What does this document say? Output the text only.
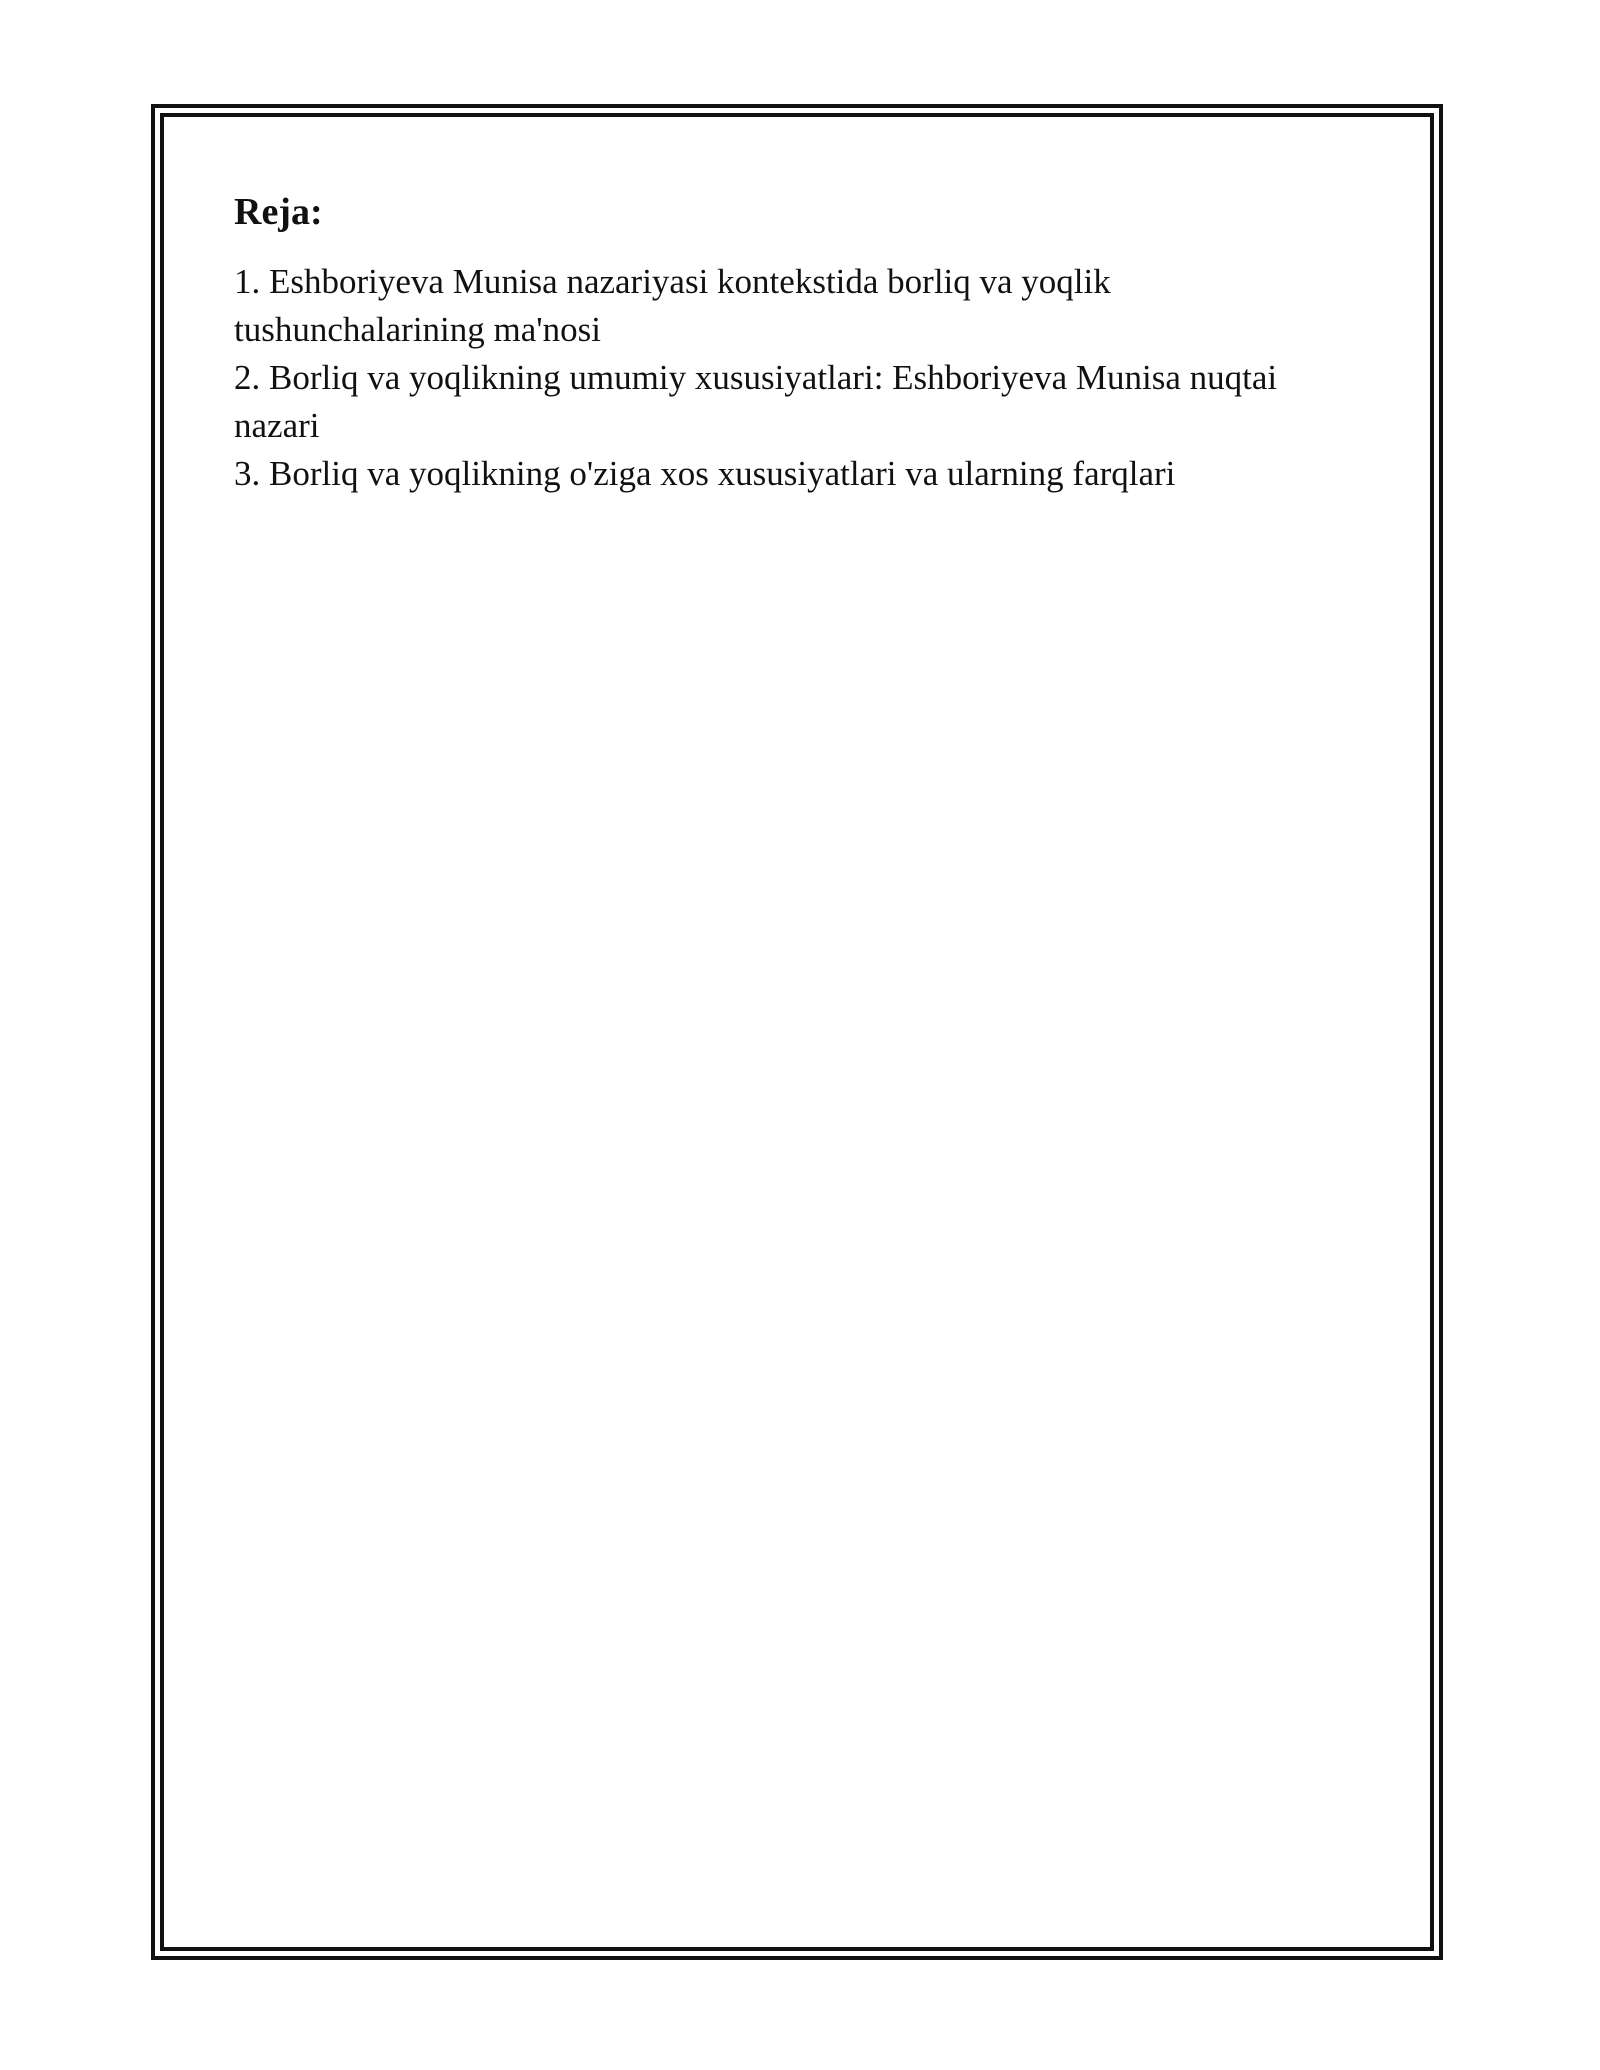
Reja:
1. Eshboriyeva Munisa nazariyasi kontekstida borliq va yoqlik tushunchalarining ma'nosi
2. Borliq va yoqlikning umumiy xususiyatlari: Eshboriyeva Munisa nuqtai nazari
3. Borliq va yoqlikning o'ziga xos xususiyatlari va ularning farqlari
